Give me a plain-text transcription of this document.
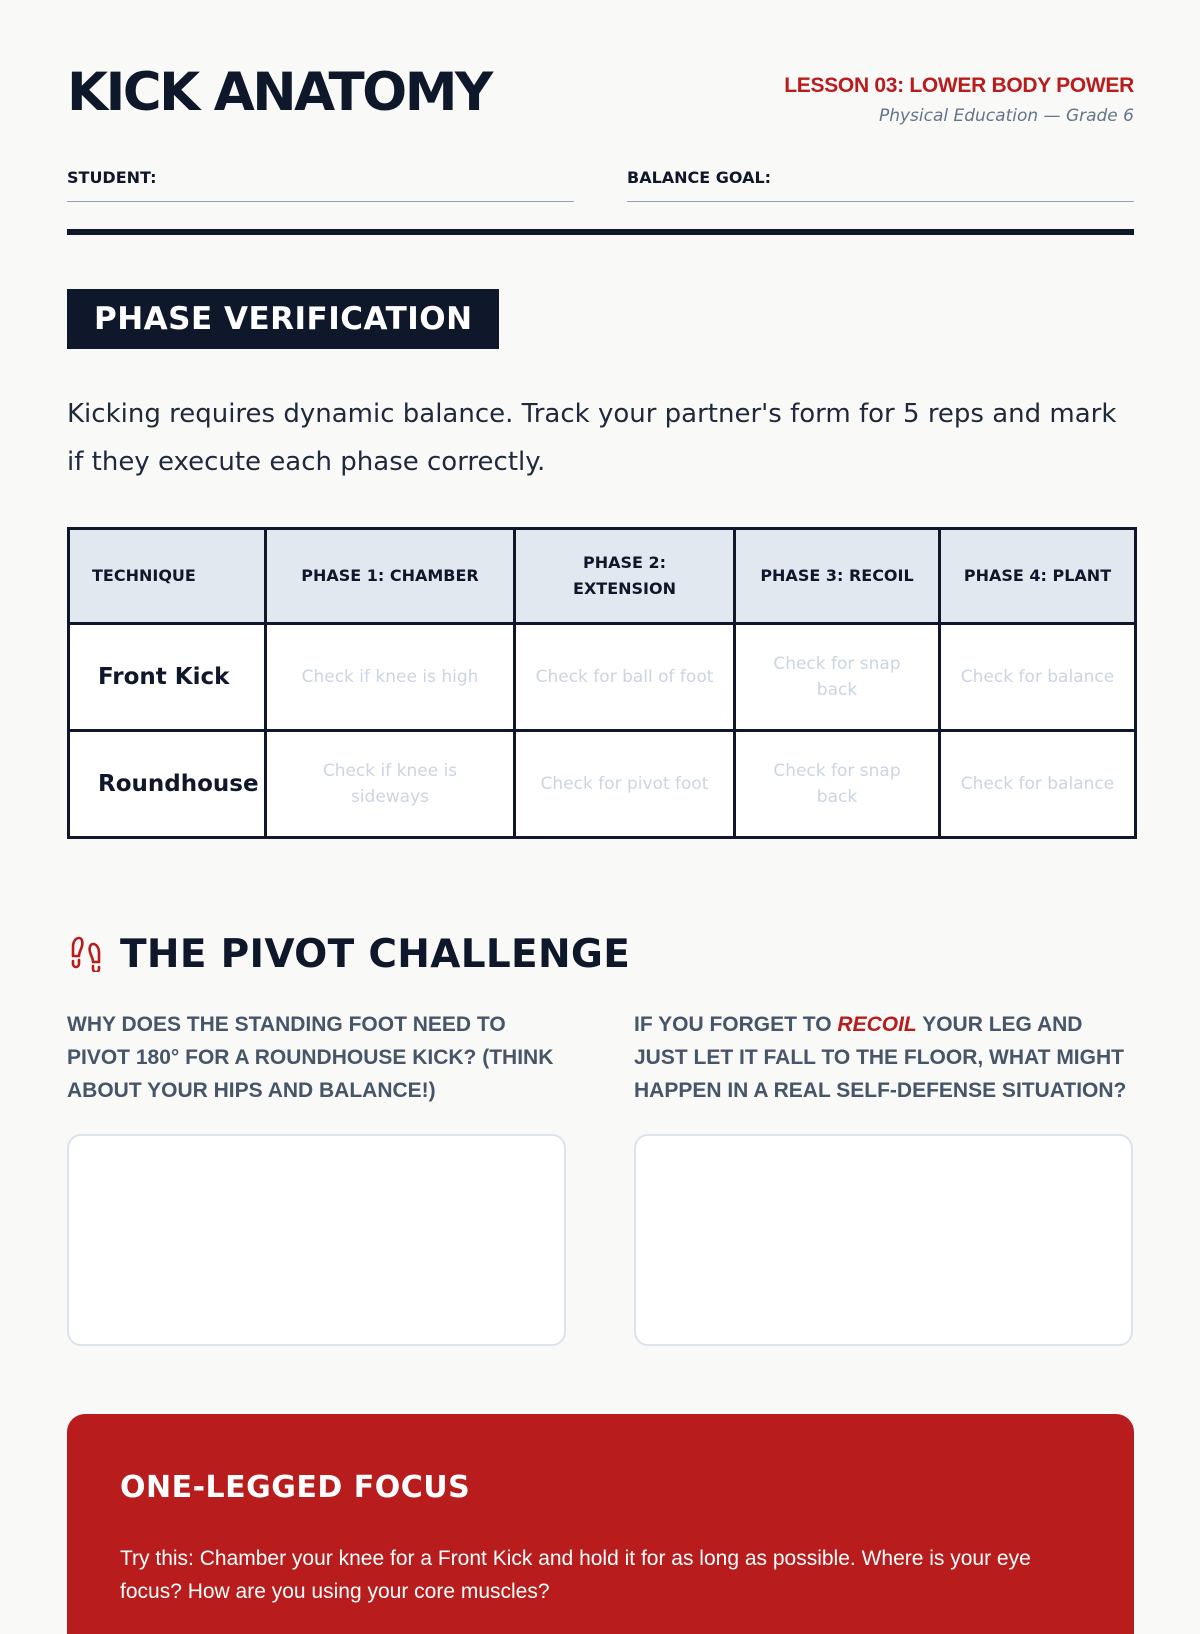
KICK ANATOMY	LESSON 03: LOWER BODY POWER
Physical Education — Grade 6
STUDENT:	BALANCE GOAL:
PHASE VERIFICATION

Kicking requires dynamic balance. Track your partner's form for 5 reps and mark if they execute each phase correctly.

TECHNIQUE	PHASE 1: CHAMBER	PHASE 2: EXTENSION	PHASE 3: RECOIL	PHASE 4: PLANT
Front Kick	Check if knee is high	Check for ball of foot	Check for snap back	Check for balance
Roundhouse	Check if knee is sideways	Check for pivot foot	Check for snap back	Check for balance
THE PIVOT CHALLENGE

WHY DOES THE STANDING FOOT NEED TO PIVOT 180° FOR A ROUNDHOUSE KICK? (THINK ABOUT YOUR HIPS AND BALANCE!)

IF YOU FORGET TO RECOIL YOUR LEG AND JUST LET IT FALL TO THE FLOOR, WHAT MIGHT HAPPEN IN A REAL SELF-DEFENSE SITUATION?

ONE-LEGGED FOCUS

Try this: Chamber your knee for a Front Kick and hold it for as long as possible. Where is your eye focus? How are you using your core muscles?
